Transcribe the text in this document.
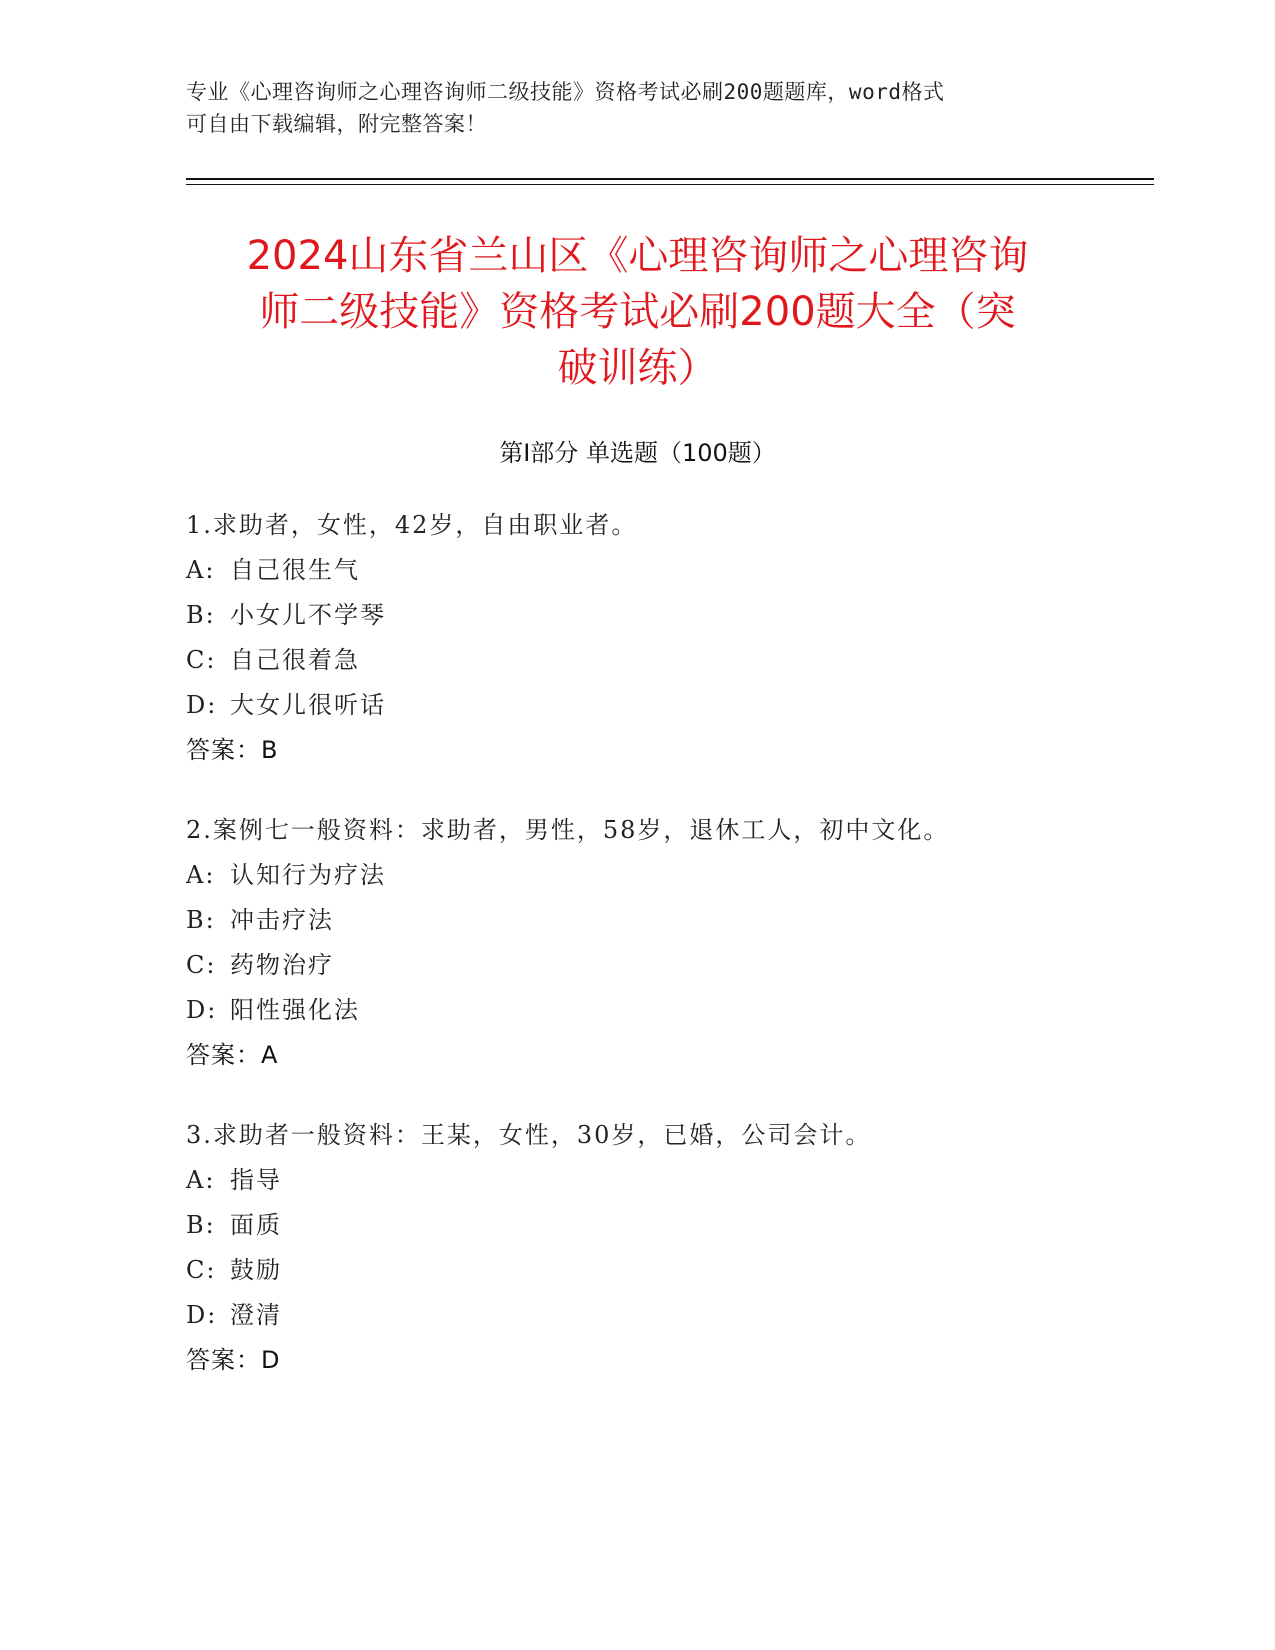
专业《心理咨询师之心理咨询师二级技能》资格考试必刷200题题库，word格式
可自由下载编辑，附完整答案！
2024山东省兰山区《心理咨询师之心理咨询
师二级技能》资格考试必刷200题大全（突
破训练）
第I部分 单选题（100题）
1.求助者，女性，42岁，自由职业者。
A: 自己很生气
B: 小女儿不学琴
C: 自己很着急
D: 大女儿很听话
答案：B
2.案例七一般资料：求助者，男性，58岁，退休工人，初中文化。
A: 认知行为疗法
B: 冲击疗法
C: 药物治疗
D: 阳性强化法
答案：A
3.求助者一般资料：王某，女性，30岁，已婚，公司会计。
A: 指导
B: 面质
C: 鼓励
D: 澄清
答案：D
